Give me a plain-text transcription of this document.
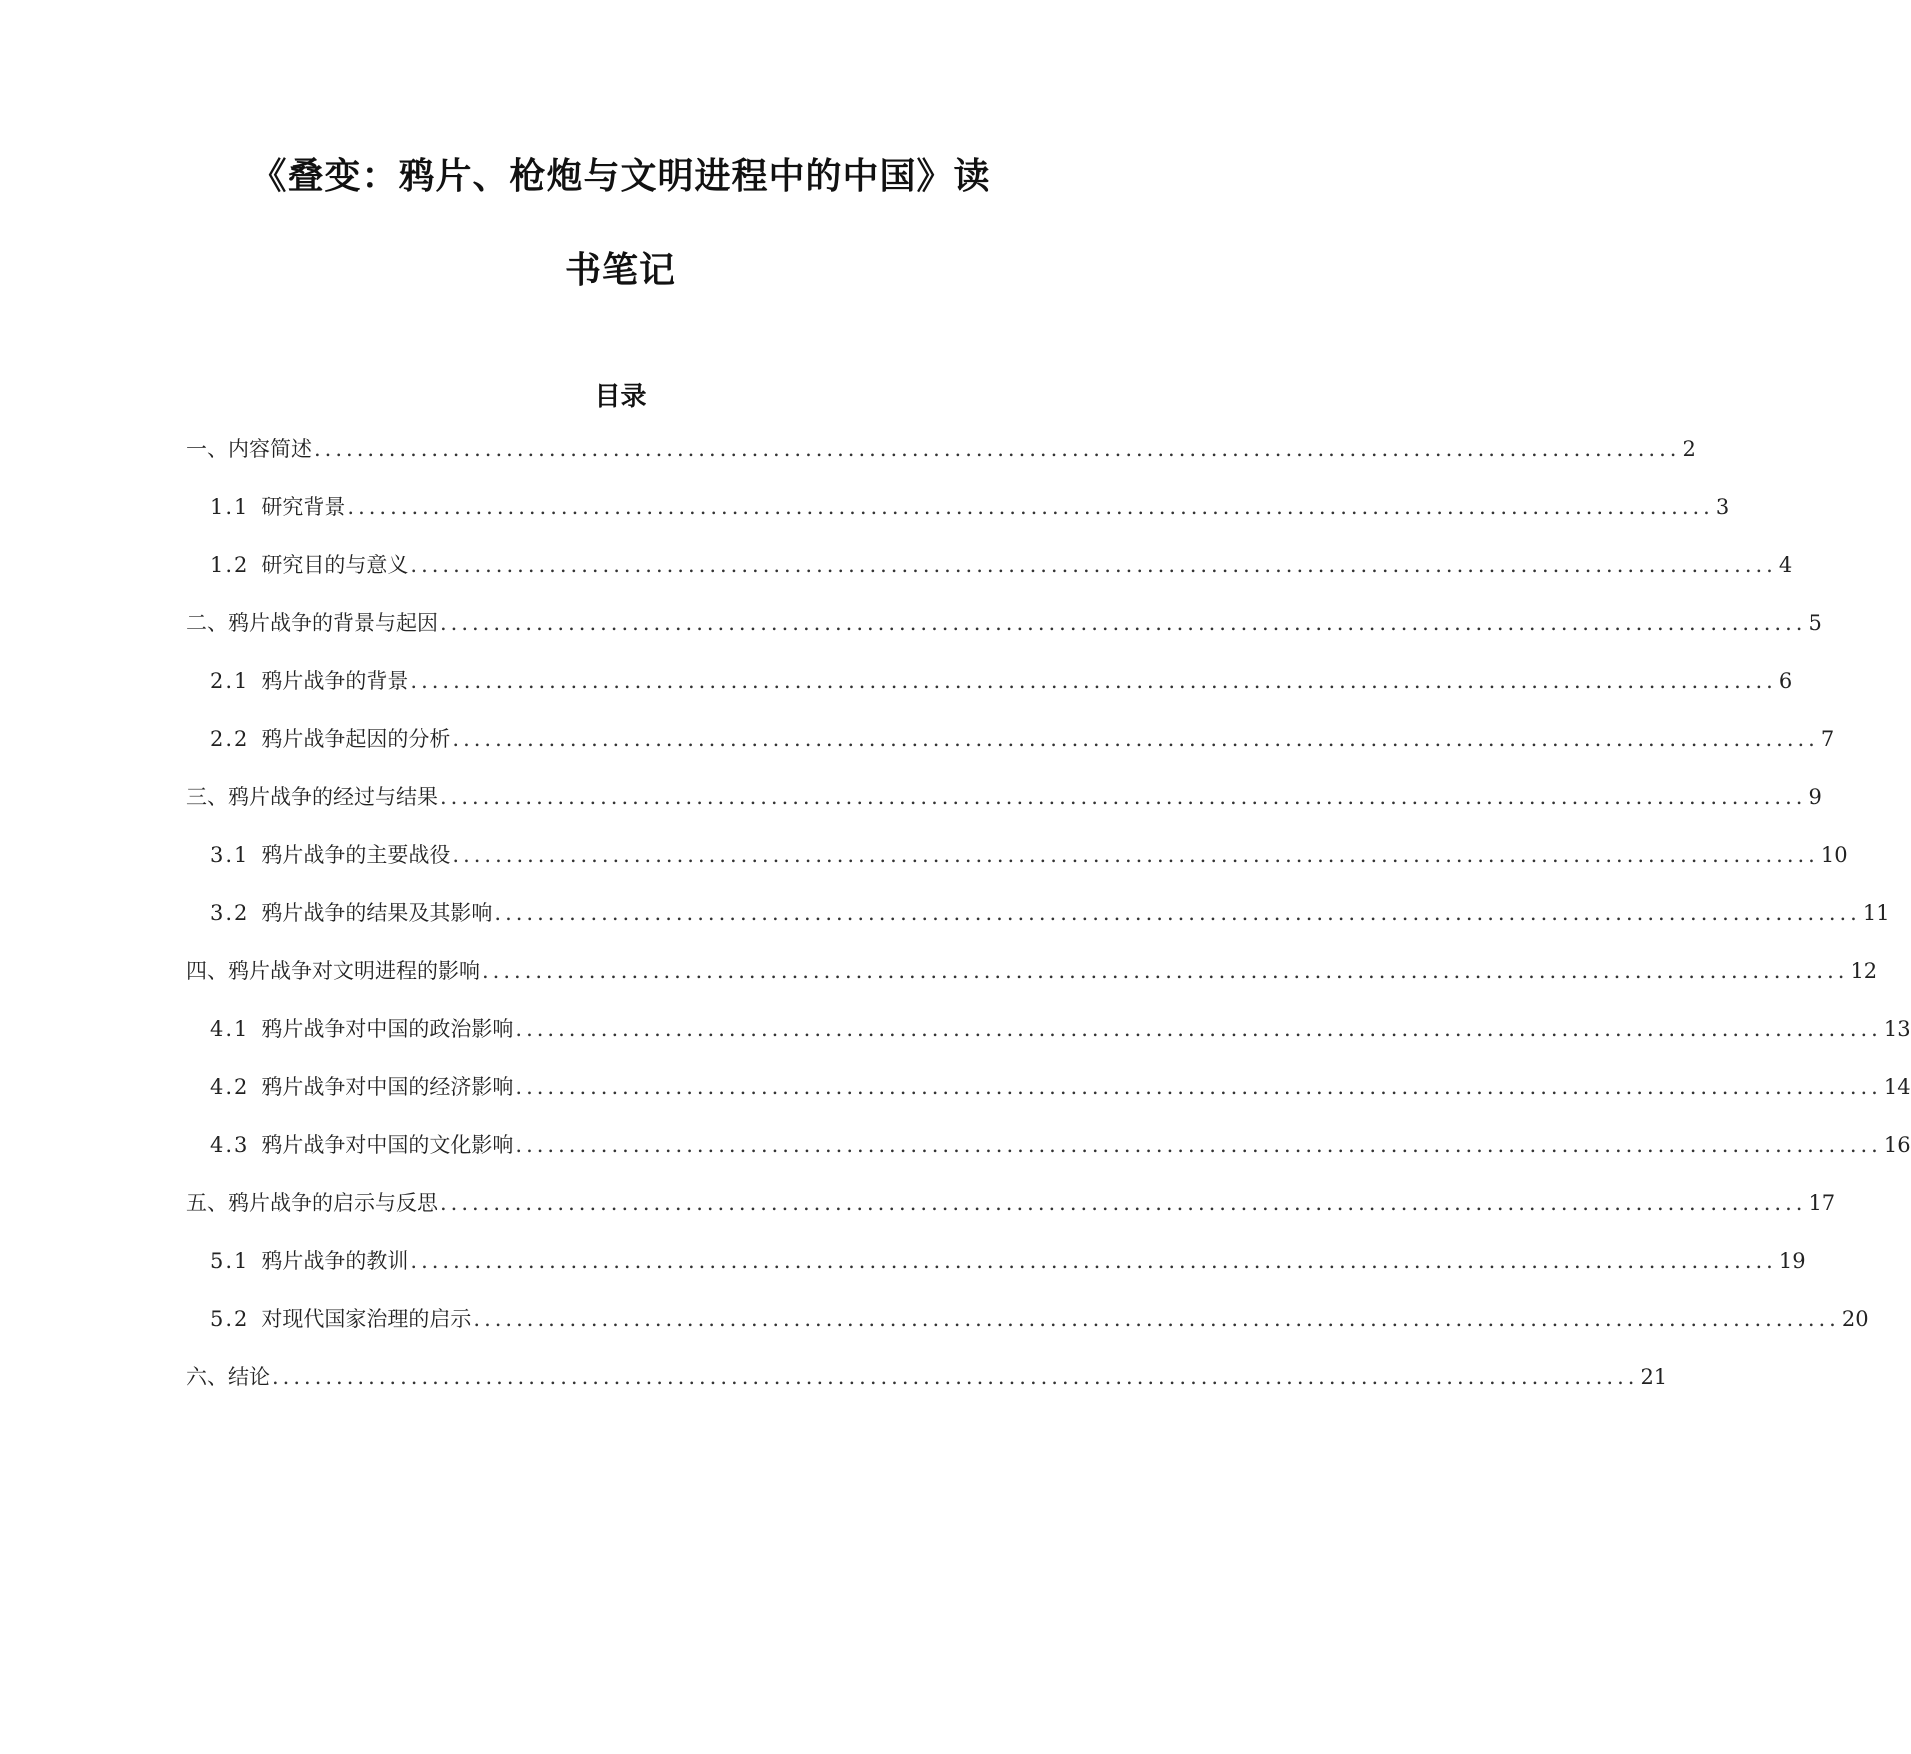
《叠变：鸦片、枪炮与文明进程中的中国》读
书笔记
目录
一、内容简述 ................................................................................................................................ 2
1.1 研究背景 ................................................................................................................................ 3
1.2 研究目的与意义 ................................................................................................................................ 4
二、鸦片战争的背景与起因 ................................................................................................................................ 5
2.1 鸦片战争的背景 ................................................................................................................................ 6
2.2 鸦片战争起因的分析 ................................................................................................................................ 7
三、鸦片战争的经过与结果 ................................................................................................................................ 9
3.1 鸦片战争的主要战役 ................................................................................................................................ 10
3.2 鸦片战争的结果及其影响 ................................................................................................................................ 11
四、鸦片战争对文明进程的影响 ................................................................................................................................ 12
4.1 鸦片战争对中国的政治影响 ................................................................................................................................ 13
4.2 鸦片战争对中国的经济影响 ................................................................................................................................ 14
4.3 鸦片战争对中国的文化影响 ................................................................................................................................ 16
五、鸦片战争的启示与反思 ................................................................................................................................ 17
5.1 鸦片战争的教训 ................................................................................................................................ 19
5.2 对现代国家治理的启示 ................................................................................................................................ 20
六、结论 ................................................................................................................................ 21
